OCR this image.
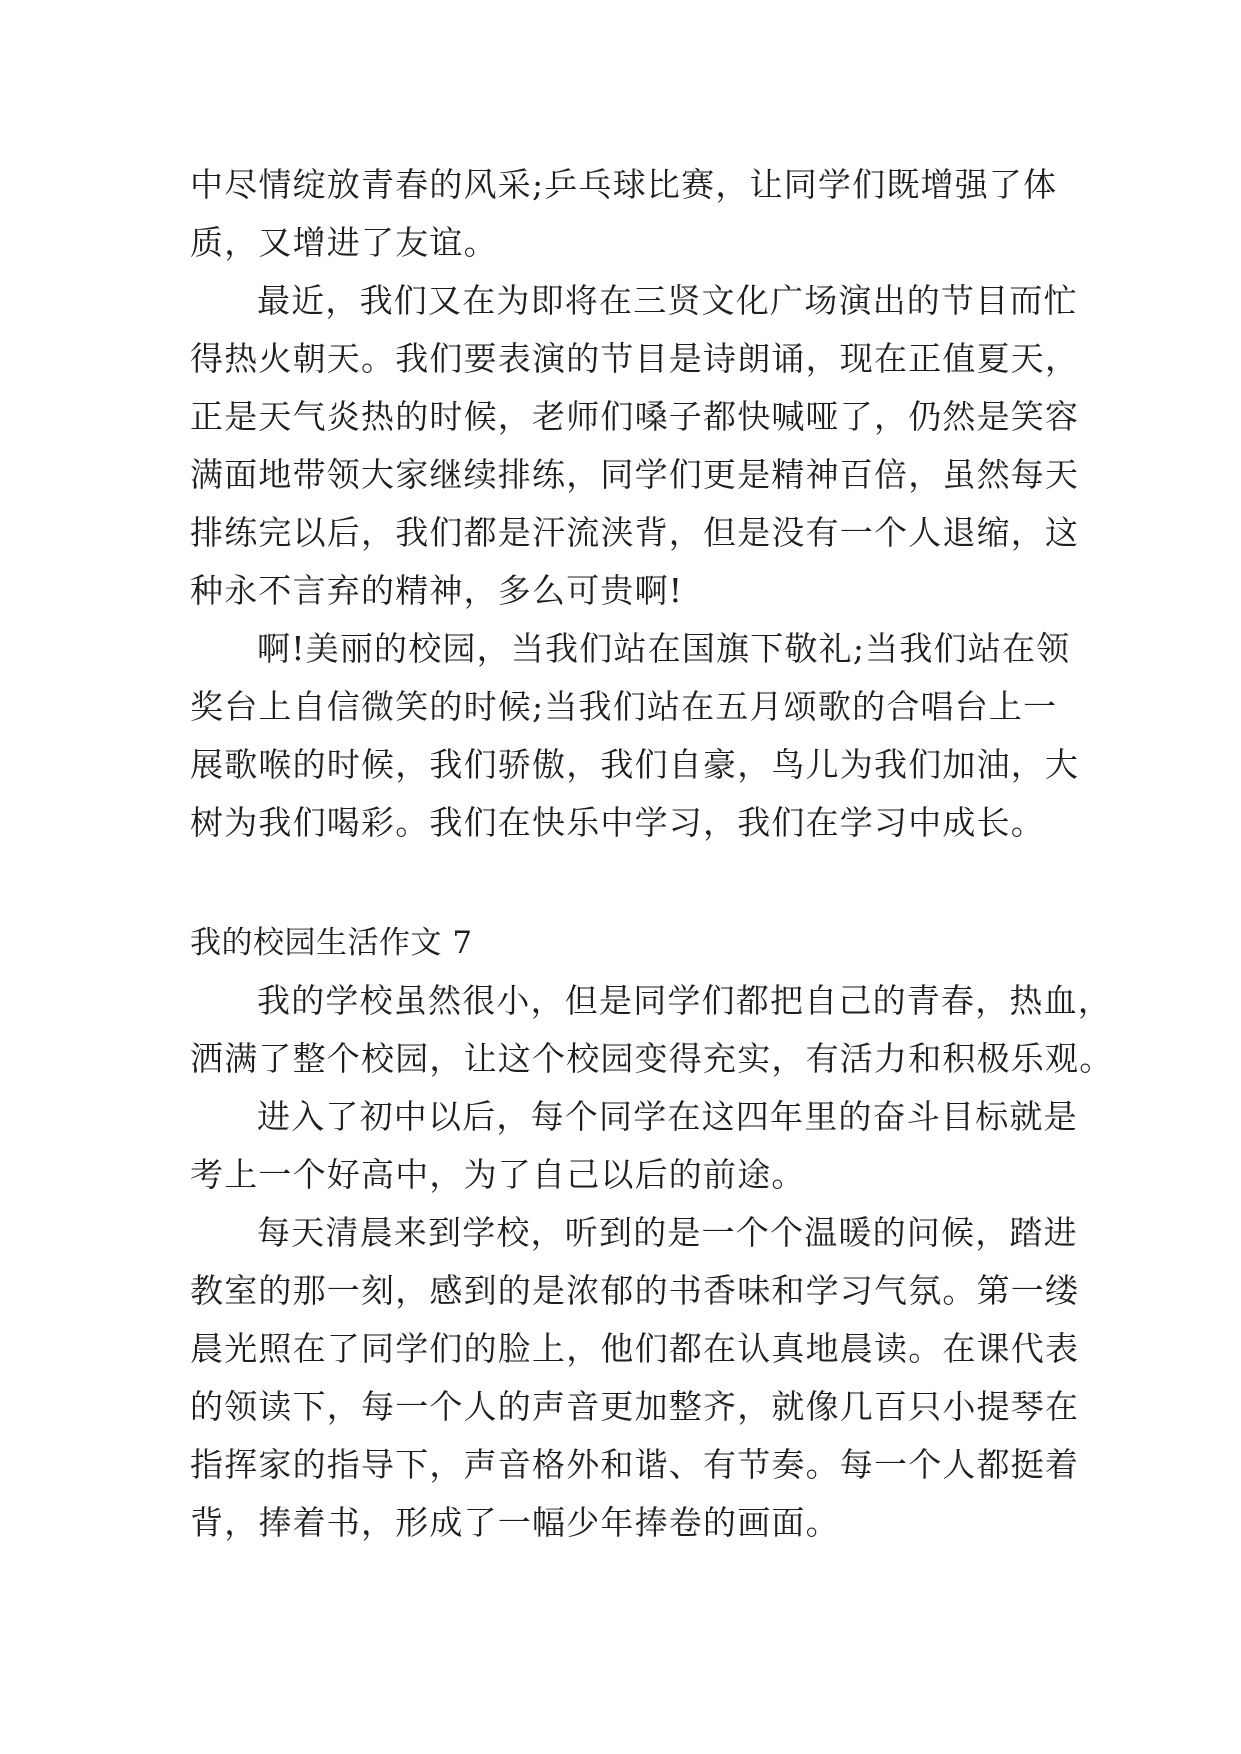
中尽情绽放青春的风采;乒乓球比赛，让同学们既增强了体
质，又增进了友谊。
最近，我们又在为即将在三贤文化广场演出的节目而忙
得热火朝天。我们要表演的节目是诗朗诵，现在正值夏天，
正是天气炎热的时候，老师们嗓子都快喊哑了，仍然是笑容
满面地带领大家继续排练，同学们更是精神百倍，虽然每天
排练完以后，我们都是汗流浃背，但是没有一个人退缩，这
种永不言弃的精神，多么可贵啊!
啊!美丽的校园，当我们站在国旗下敬礼;当我们站在领
奖台上自信微笑的时候;当我们站在五月颂歌的合唱台上一
展歌喉的时候，我们骄傲，我们自豪，鸟儿为我们加油，大
树为我们喝彩。我们在快乐中学习，我们在学习中成长。
我的校园生活作文 7
我的学校虽然很小，但是同学们都把自己的青春，热血，
洒满了整个校园，让这个校园变得充实，有活力和积极乐观。
进入了初中以后，每个同学在这四年里的奋斗目标就是
考上一个好高中，为了自己以后的前途。
每天清晨来到学校，听到的是一个个温暖的问候，踏进
教室的那一刻，感到的是浓郁的书香味和学习气氛。第一缕
晨光照在了同学们的脸上，他们都在认真地晨读。在课代表
的领读下，每一个人的声音更加整齐，就像几百只小提琴在
指挥家的指导下，声音格外和谐、有节奏。每一个人都挺着
背，捧着书，形成了一幅少年捧卷的画面。
